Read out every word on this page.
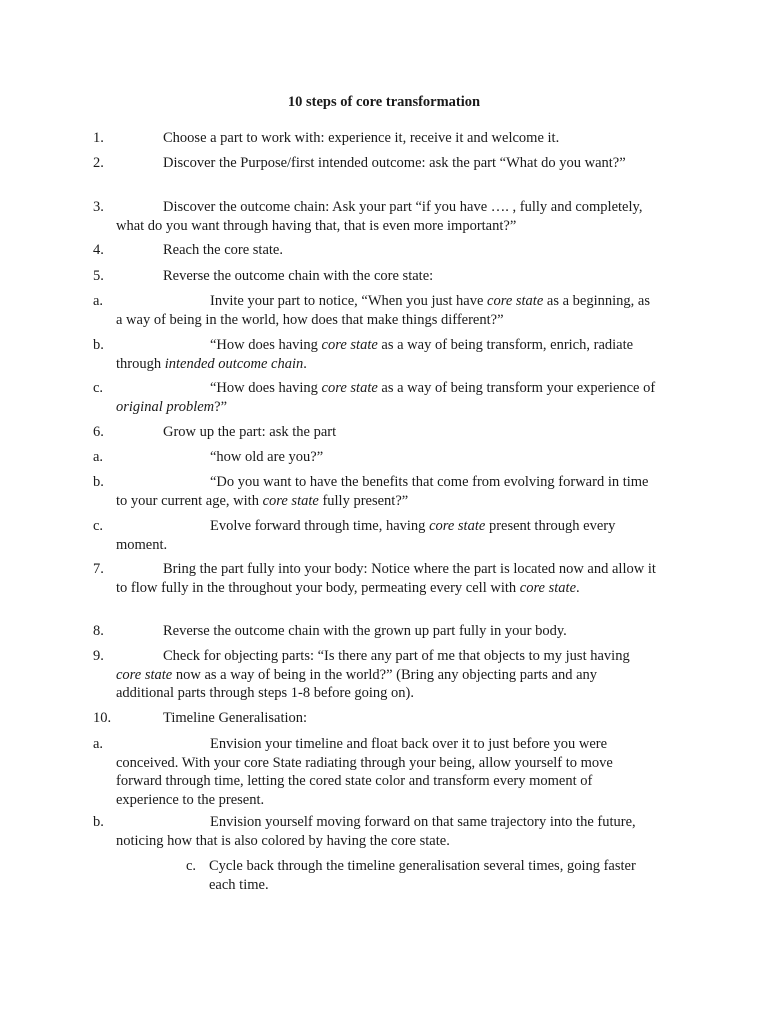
10 steps of core transformation
1.	Choose a part to work with: experience it, receive it and welcome it.
2.	Discover the Purpose/first intended outcome: ask the part “What do you want?”
3.	Discover the outcome chain: Ask your part “if you have …. , fully and completely, what do you want through having that, that is even more important?”
4.	Reach the core state.
5.	Reverse the outcome chain with the core state:
a.	Invite your part to notice, “When you just have core state as a beginning, as a way of being in the world, how does that make things different?”
b.	“How does having core state as a way of being transform, enrich, radiate through intended outcome chain.
c.	“How does having core state as a way of being transform your experience of original problem?”
6.	Grow up the part: ask the part
a.	“how old are you?”
b.	“Do you want to have the benefits that come from evolving forward in time to your current age, with core state fully present?”
c.	Evolve forward through time, having core state present through every moment.
7.	Bring the part fully into your body: Notice where the part is located now and allow it to flow fully in the throughout your body, permeating every cell with core state.
8.	Reverse the outcome chain with the grown up part fully in your body.
9.	Check for objecting parts: “Is there any part of me that objects to my just having core state now as a way of being in the world?” (Bring any objecting parts and any additional parts through steps 1-8 before going on).
10.	Timeline Generalisation:
a.	Envision your timeline and float back over it to just before you were conceived. With your core State radiating through your being, allow yourself to move forward through time, letting the cored state color and transform every moment of experience to the present.
b.	Envision yourself moving forward on that same trajectory into the future, noticing how that is also colored by having the core state.
c. Cycle back through the timeline generalisation several times, going faster each time.
